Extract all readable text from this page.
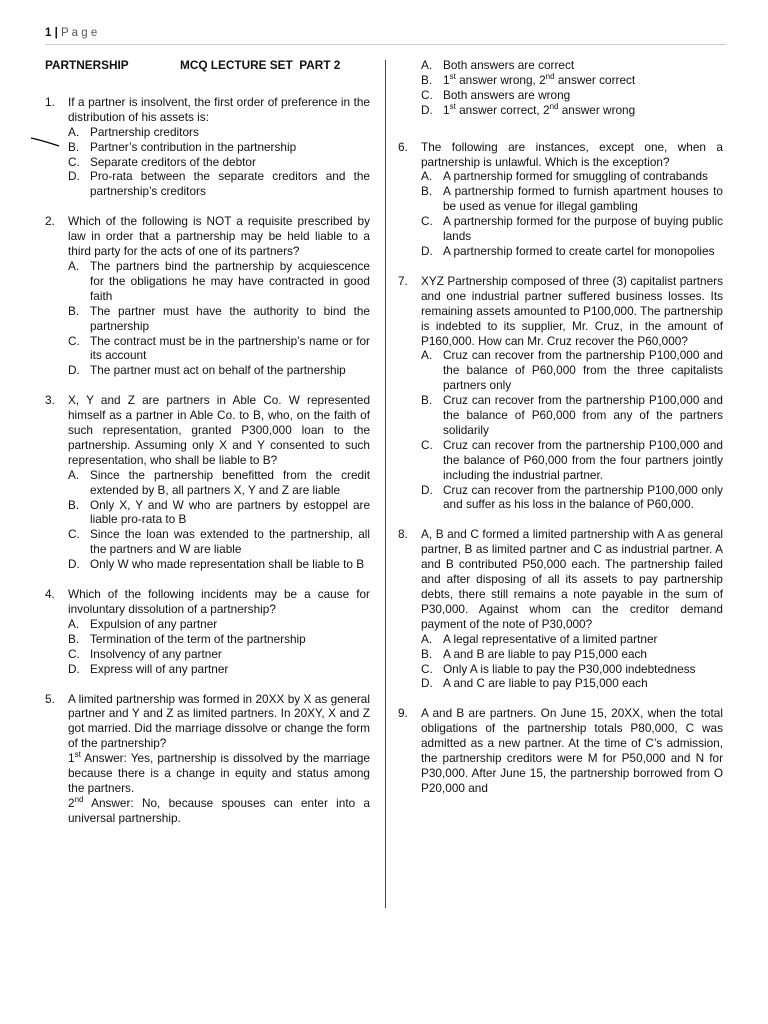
1 | P a g e
PARTNERSHIP	MCQ LECTURE SET  PART 2
1. If a partner is insolvent, the first order of preference in the distribution of his assets is:
A. Partnership creditors
B. Partner’s contribution in the partnership
C. Separate creditors of the debtor
D. Pro-rata between the separate creditors and the partnership’s creditors
2. Which of the following is NOT a requisite prescribed by law in order that a partnership may be held liable to a third party for the acts of one of its partners?
A. The partners bind the partnership by acquiescence for the obligations he may have contracted in good faith
B. The partner must have the authority to bind the partnership
C. The contract must be in the partnership’s name or for its account
D. The partner must act on behalf of the partnership
3. X, Y and Z are partners in Able Co. W represented himself as a partner in Able Co. to B, who, on the faith of such representation, granted P300,000 loan to the partnership. Assuming only X and Y consented to such representation, who shall be liable to B?
A. Since the partnership benefitted from the credit extended by B, all partners X, Y and Z are liable
B. Only X, Y and W who are partners by estoppel are liable pro-rata to B
C. Since the loan was extended to the partnership, all the partners and W are liable
D. Only W who made representation shall be liable to B
4. Which of the following incidents may be a cause for involuntary dissolution of a partnership?
A. Expulsion of any partner
B. Termination of the term of the partnership
C. Insolvency of any partner
D. Express will of any partner
5. A limited partnership was formed in 20XX by X as general partner and Y and Z as limited partners. In 20XY, X and Z got married. Did the marriage dissolve or change the form of the partnership?
1st Answer: Yes, partnership is dissolved by the marriage because there is a change in equity and status among the partners.
2nd Answer: No, because spouses can enter into a universal partnership.
A. Both answers are correct
B. 1st answer wrong, 2nd answer correct
C. Both answers are wrong
D. 1st answer correct, 2nd answer wrong
6. The following are instances, except one, when a partnership is unlawful. Which is the exception?
A. A partnership formed for smuggling of contrabands
B. A partnership formed to furnish apartment houses to be used as venue for illegal gambling
C. A partnership formed for the purpose of buying public lands
D. A partnership formed to create cartel for monopolies
7. XYZ Partnership composed of three (3) capitalist partners and one industrial partner suffered business losses. Its remaining assets amounted to P100,000. The partnership is indebted to its supplier, Mr. Cruz, in the amount of P160,000. How can Mr. Cruz recover the P60,000?
A. Cruz can recover from the partnership P100,000 and the balance of P60,000 from the three capitalists partners only
B. Cruz can recover from the partnership P100,000 and the balance of P60,000 from any of the partners solidarily
C. Cruz can recover from the partnership P100,000 and the balance of P60,000 from the four partners jointly including the industrial partner.
D. Cruz can recover from the partnership P100,000 only and suffer as his loss in the balance of P60,000.
8. A, B and C formed a limited partnership with A as general partner, B as limited partner and C as industrial partner. A and B contributed P50,000 each. The partnership failed and after disposing of all its assets to pay partnership debts, there still remains a note payable in the sum of P30,000. Against whom can the creditor demand payment of the note of P30,000?
A. A legal representative of a limited partner
B. A and B are liable to pay P15,000 each
C. Only A is liable to pay the P30,000 indebtedness
D. A and C are liable to pay P15,000 each
9. A and B are partners. On June 15, 20XX, when the total obligations of the partnership totals P80,000, C was admitted as a new partner. At the time of C’s admission, the partnership creditors were M for P50,000 and N for P30,000. After June 15, the partnership borrowed from O P20,000 and
